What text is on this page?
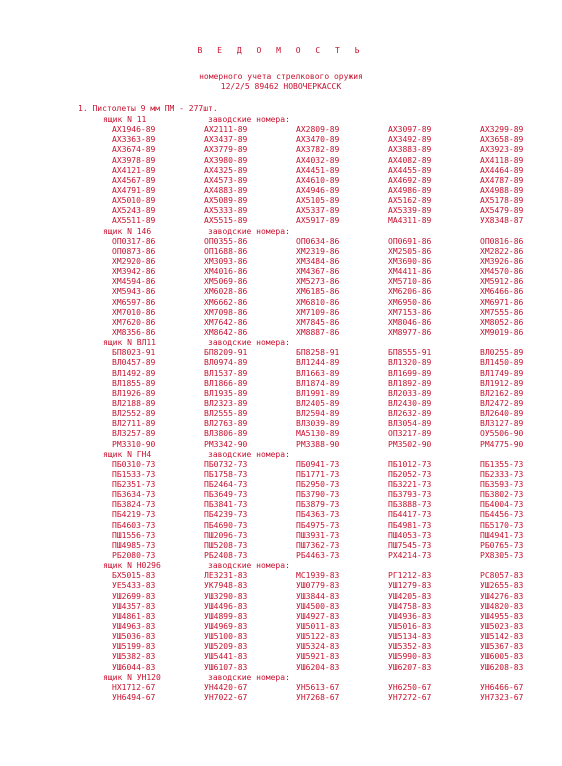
В Е Д О М О С Т Ь
номерного учета стрелкового оружия
12/2/5 89462 НОВОЧЕРКАССК
1. Пистолеты 9 мм ПМ - 277шт.
ящик N 11	заводские номера:
АХ1946-89	АХ2111-89	АХ2809-89	АХ3097-89	АХ3299-89
АХ3363-89	АХ3437-89	АХ3470-89	АХ3492-89	АХ3658-89
АХ3674-89	АХ3779-89	АХ3782-89	АХ3883-89	АХ3923-89
АХ3978-89	АХ3980-89	АХ4032-89	АХ4082-89	АХ4118-89
АХ4121-89	АХ4325-89	АХ4451-89	АХ4455-89	АХ4464-89
АХ4567-89	АХ4573-89	АХ4610-89	АХ4692-89	АХ4787-89
АХ4791-89	АХ4883-89	АХ4946-89	АХ4986-89	АХ4988-89
АХ5010-89	АХ5089-89	АХ5105-89	АХ5162-89	АХ5178-89
АХ5243-89	АХ5333-89	АХ5337-89	АХ5339-89	АХ5479-89
АХ5511-89	АХ5515-89	АХ5917-89	МА4311-89	УХ8348-87
ящик N 146	заводские номера:
ОП0317-86	ОП0355-86	ОП0634-86	ОП0691-86	ОП0816-86
ОП0873-86	ОП1688-86	ХМ2319-86	ХМ2505-86	ХМ2822-86
ХМ2920-86	ХМ3093-86	ХМ3484-86	ХМ3690-86	ХМ3926-86
ХМ3942-86	ХМ4016-86	ХМ4367-86	ХМ4411-86	ХМ4570-86
ХМ4594-86	ХМ5069-86	ХМ5273-86	ХМ5710-86	ХМ5912-86
ХМ5943-86	ХМ6028-86	ХМ6185-86	ХМ6206-86	ХМ6466-86
ХМ6597-86	ХМ6662-86	ХМ6810-86	ХМ6950-86	ХМ6971-86
ХМ7010-86	ХМ7098-86	ХМ7109-86	ХМ7153-86	ХМ7555-86
ХМ7620-86	ХМ7642-86	ХМ7845-86	ХМ8046-86	ХМ8052-86
ХМ8356-86	ХМ8642-86	ХМ8887-86	ХМ8977-86	ХМ9019-86
ящик N ВЛ11	заводские номера:
БП8023-91	БП8209-91	БП8258-91	БП8555-91	ВЛ0255-89
ВЛ0457-89	ВЛ0974-89	ВЛ1244-89	ВЛ1320-89	ВЛ1450-89
ВЛ1492-89	ВЛ1537-89	ВЛ1663-89	ВЛ1699-89	ВЛ1749-89
ВЛ1855-89	ВЛ1866-89	ВЛ1874-89	ВЛ1892-89	ВЛ1912-89
ВЛ1926-89	ВЛ1935-89	ВЛ1991-89	ВЛ2033-89	ВЛ2162-89
ВЛ2188-89	ВЛ2323-89	ВЛ2405-89	ВЛ2430-89	ВЛ2472-89
ВЛ2552-89	ВЛ2555-89	ВЛ2594-89	ВЛ2632-89	ВЛ2640-89
ВЛ2711-89	ВЛ2763-89	ВЛ3039-89	ВЛ3054-89	ВЛ3127-89
ВЛ3257-89	ВЛ3806-89	МА5130-89	ОП3217-89	ОУ5506-90
РМ3310-90	РМ3342-90	РМ3388-90	РМ3502-90	РМ4775-90
ящик N ГН4	заводские номера:
ПБ0310-73	ПБ0732-73	ПБ0941-73	ПБ1012-73	ПБ1355-73
ПБ1533-73	ПБ1758-73	ПБ1771-73	ПБ2052-73	ПБ2333-73
ПБ2351-73	ПБ2464-73	ПБ2950-73	ПБ3221-73	ПБ3593-73
ПБ3634-73	ПБ3649-73	ПБ3790-73	ПБ3793-73	ПБ3802-73
ПБ3824-73	ПБ3841-73	ПБ3879-73	ПБ3888-73	ПБ4004-73
ПБ4219-73	ПБ4239-73	ПБ4363-73	ПБ4417-73	ПБ4456-73
ПБ4603-73	ПБ4690-73	ПБ4975-73	ПБ4981-73	ПБ5170-73
ПШ1556-73	ПШ2096-73	ПШ3931-73	ПШ4053-73	ПШ4941-73
ПШ4985-73	ПШ5208-73	ПШ7362-73	ПШ7545-73	РБ0765-73
РБ2080-73	РБ2408-73	РБ4463-73	РХ4214-73	РХ8305-73
ящик N Н0296	заводские номера:
БХ5015-83	ЛЕ3231-83	МС1939-83	РГ1212-83	РС8057-83
УЕ5433-83	УК7948-83	УШ0779-83	УШ1279-83	УШ2655-83
УШ2699-83	УШ3290-83	УШ3844-83	УШ4205-83	УШ4276-83
УШ4357-83	УШ4496-83	УШ4500-83	УШ4758-83	УШ4820-83
УШ4861-83	УШ4899-83	УШ4927-83	УШ4936-83	УШ4955-83
УШ4963-83	УШ4969-83	УШ5011-83	УШ5016-83	УШ5023-83
УШ5036-83	УШ5100-83	УШ5122-83	УШ5134-83	УШ5142-83
УШ5199-83	УШ5209-83	УШ5324-83	УШ5352-83	УШ5367-83
УШ5382-83	УШ5441-83	УШ5921-83	УШ5990-83	УШ6005-83
УШ6044-83	УШ6107-83	УШ6204-83	УШ6207-83	УШ6208-83
ящик N УН120	заводские номера:
НХ1712-67	УН4420-67	УН5613-67	УН6250-67	УН6466-67
УН6494-67	УН7022-67	УН7268-67	УН7272-67	УН7323-67
